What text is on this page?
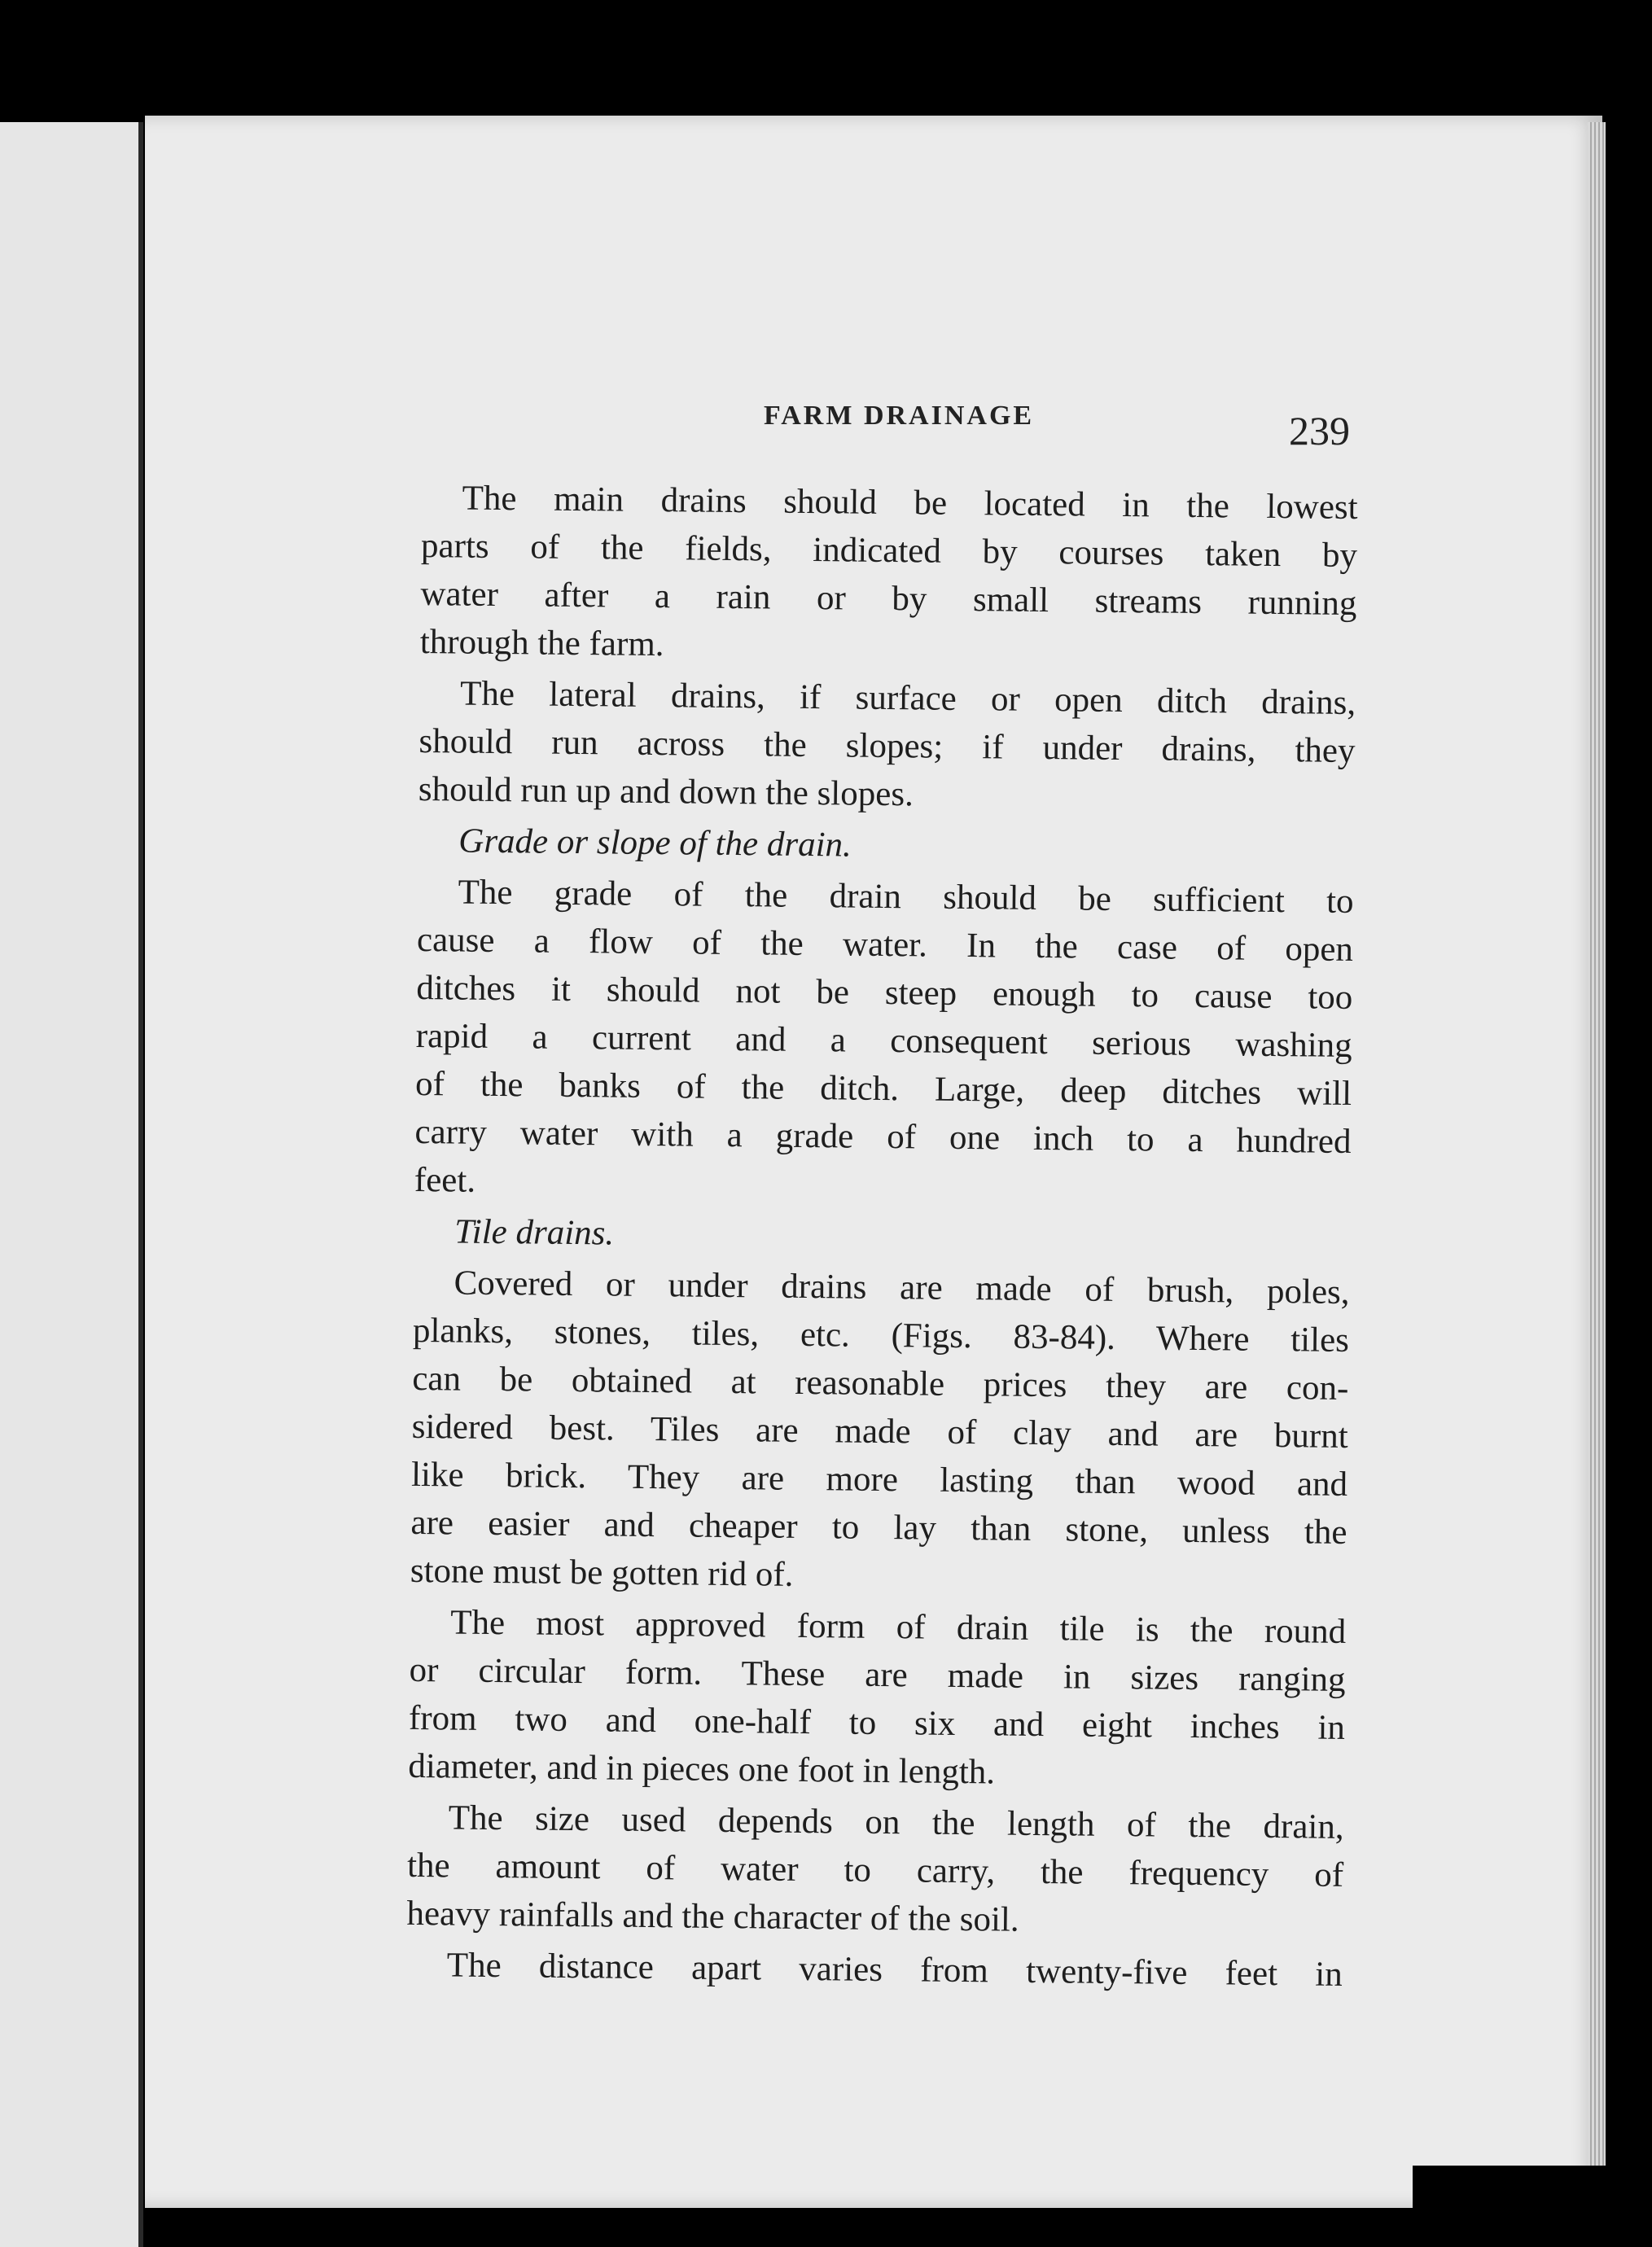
FARM DRAINAGE	239
The main drains should be located in the lowest
parts of the fields, indicated by courses taken by
water after a rain or by small streams running
through the farm.
The lateral drains, if surface or open ditch drains,
should run across the slopes; if under drains, they
should run up and down the slopes.
Grade or slope of the drain.
The grade of the drain should be sufficient to
cause a flow of the water. In the case of open
ditches it should not be steep enough to cause too
rapid a current and a consequent serious washing
of the banks of the ditch. Large, deep ditches will
carry water with a grade of one inch to a hundred
feet.
Tile drains.
Covered or under drains are made of brush, poles,
planks, stones, tiles, etc. (Figs. 83-84). Where tiles
can be obtained at reasonable prices they are con-
sidered best. Tiles are made of clay and are burnt
like brick. They are more lasting than wood and
are easier and cheaper to lay than stone, unless the
stone must be gotten rid of.
The most approved form of drain tile is the round
or circular form. These are made in sizes ranging
from two and one-half to six and eight inches in
diameter, and in pieces one foot in length.
The size used depends on the length of the drain,
the amount of water to carry, the frequency of
heavy rainfalls and the character of the soil.
The distance apart varies from twenty-five feet in
